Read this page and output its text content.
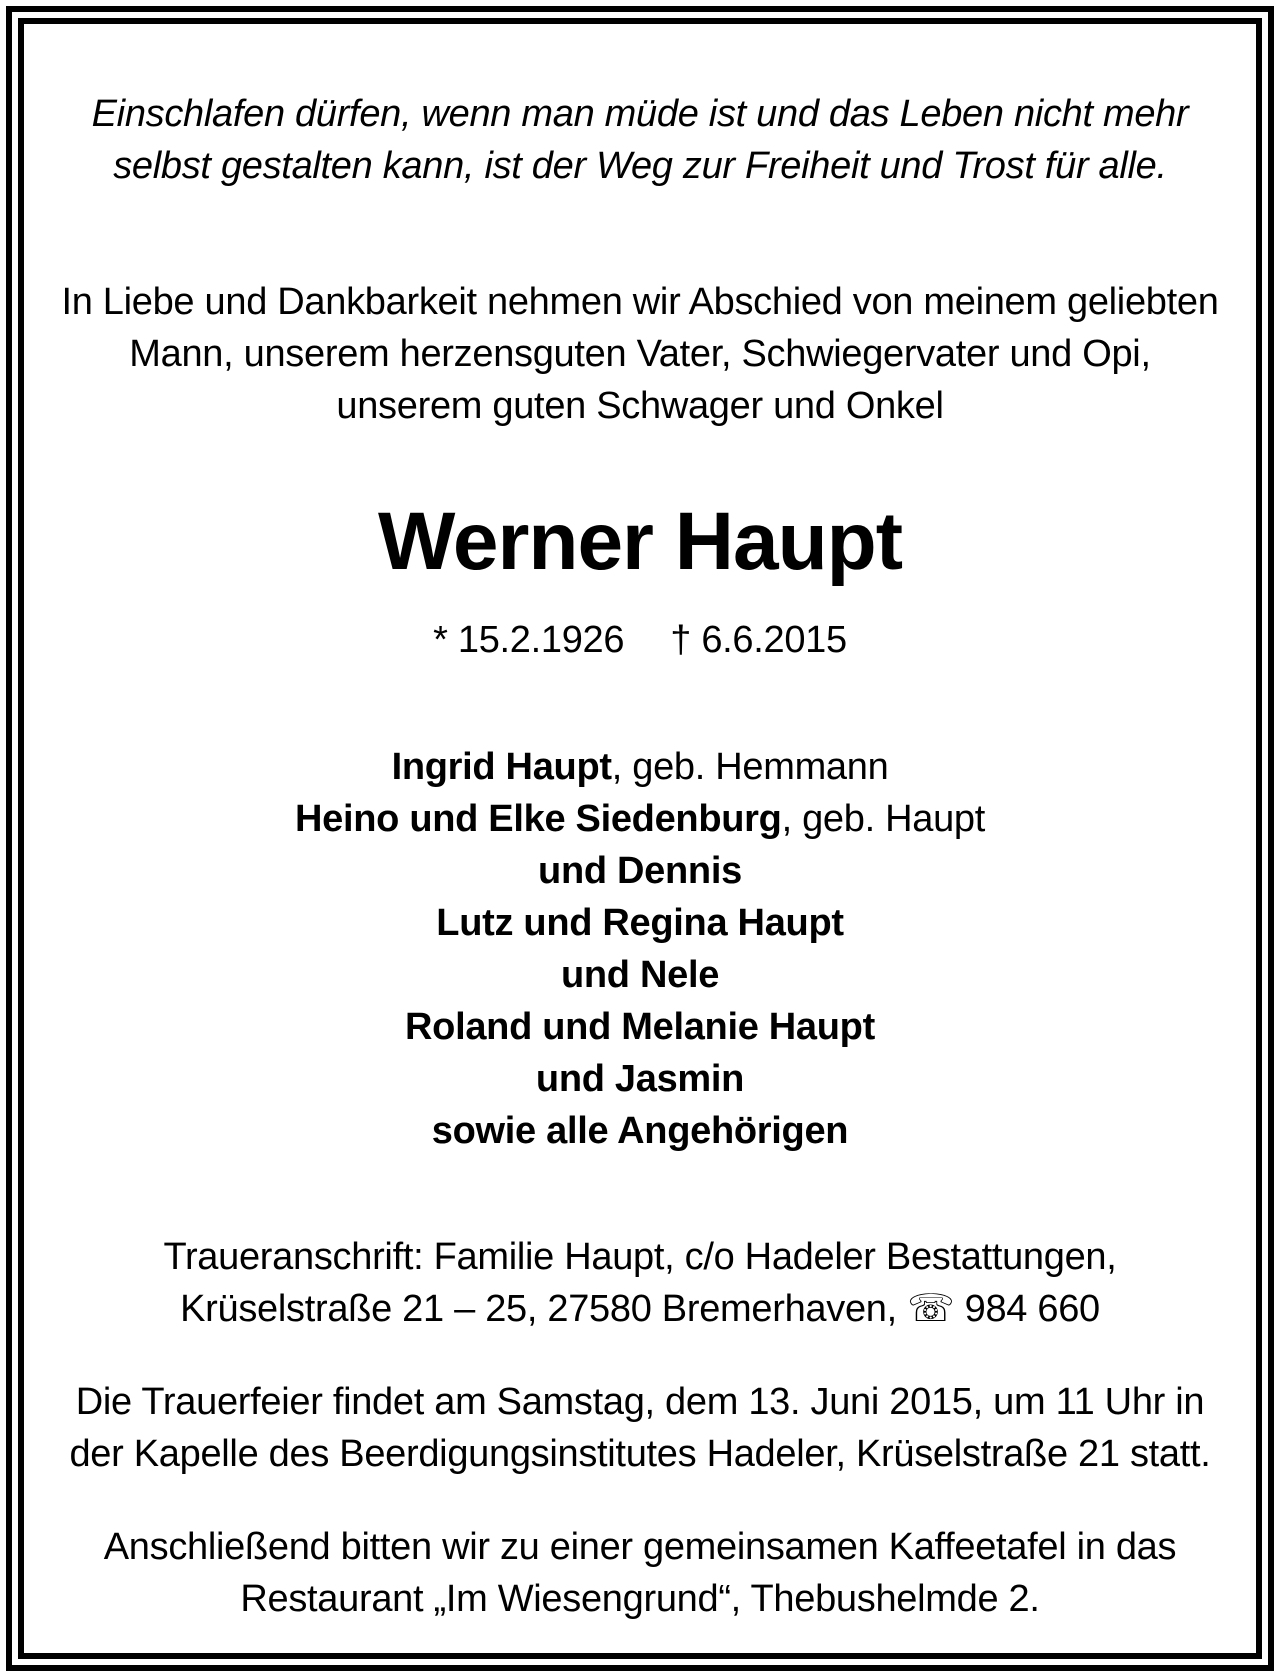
Einschlafen dürfen, wenn man müde ist und das Leben nicht mehr
selbst gestalten kann, ist der Weg zur Freiheit und Trost für alle.
In Liebe und Dankbarkeit nehmen wir Abschied von meinem geliebten
Mann, unserem herzensguten Vater, Schwiegervater und Opi,
unserem guten Schwager und Onkel
Werner Haupt
* 15.2.1926 † 6.6.2015
Ingrid Haupt, geb. Hemmann
Heino und Elke Siedenburg, geb. Haupt
und Dennis
Lutz und Regina Haupt
und Nele
Roland und Melanie Haupt
und Jasmin
sowie alle Angehörigen
Traueranschrift: Familie Haupt, c/o Hadeler Bestattungen,
Krüselstraße 21 – 25, 27580 Bremerhaven, ☏ 984 660
Die Trauerfeier findet am Samstag, dem 13. Juni 2015, um 11 Uhr in
der Kapelle des Beerdigungsinstitutes Hadeler, Krüselstraße 21 statt.
Anschließend bitten wir zu einer gemeinsamen Kaffeetafel in das
Restaurant „Im Wiesengrund“, Thebushelmde 2.
